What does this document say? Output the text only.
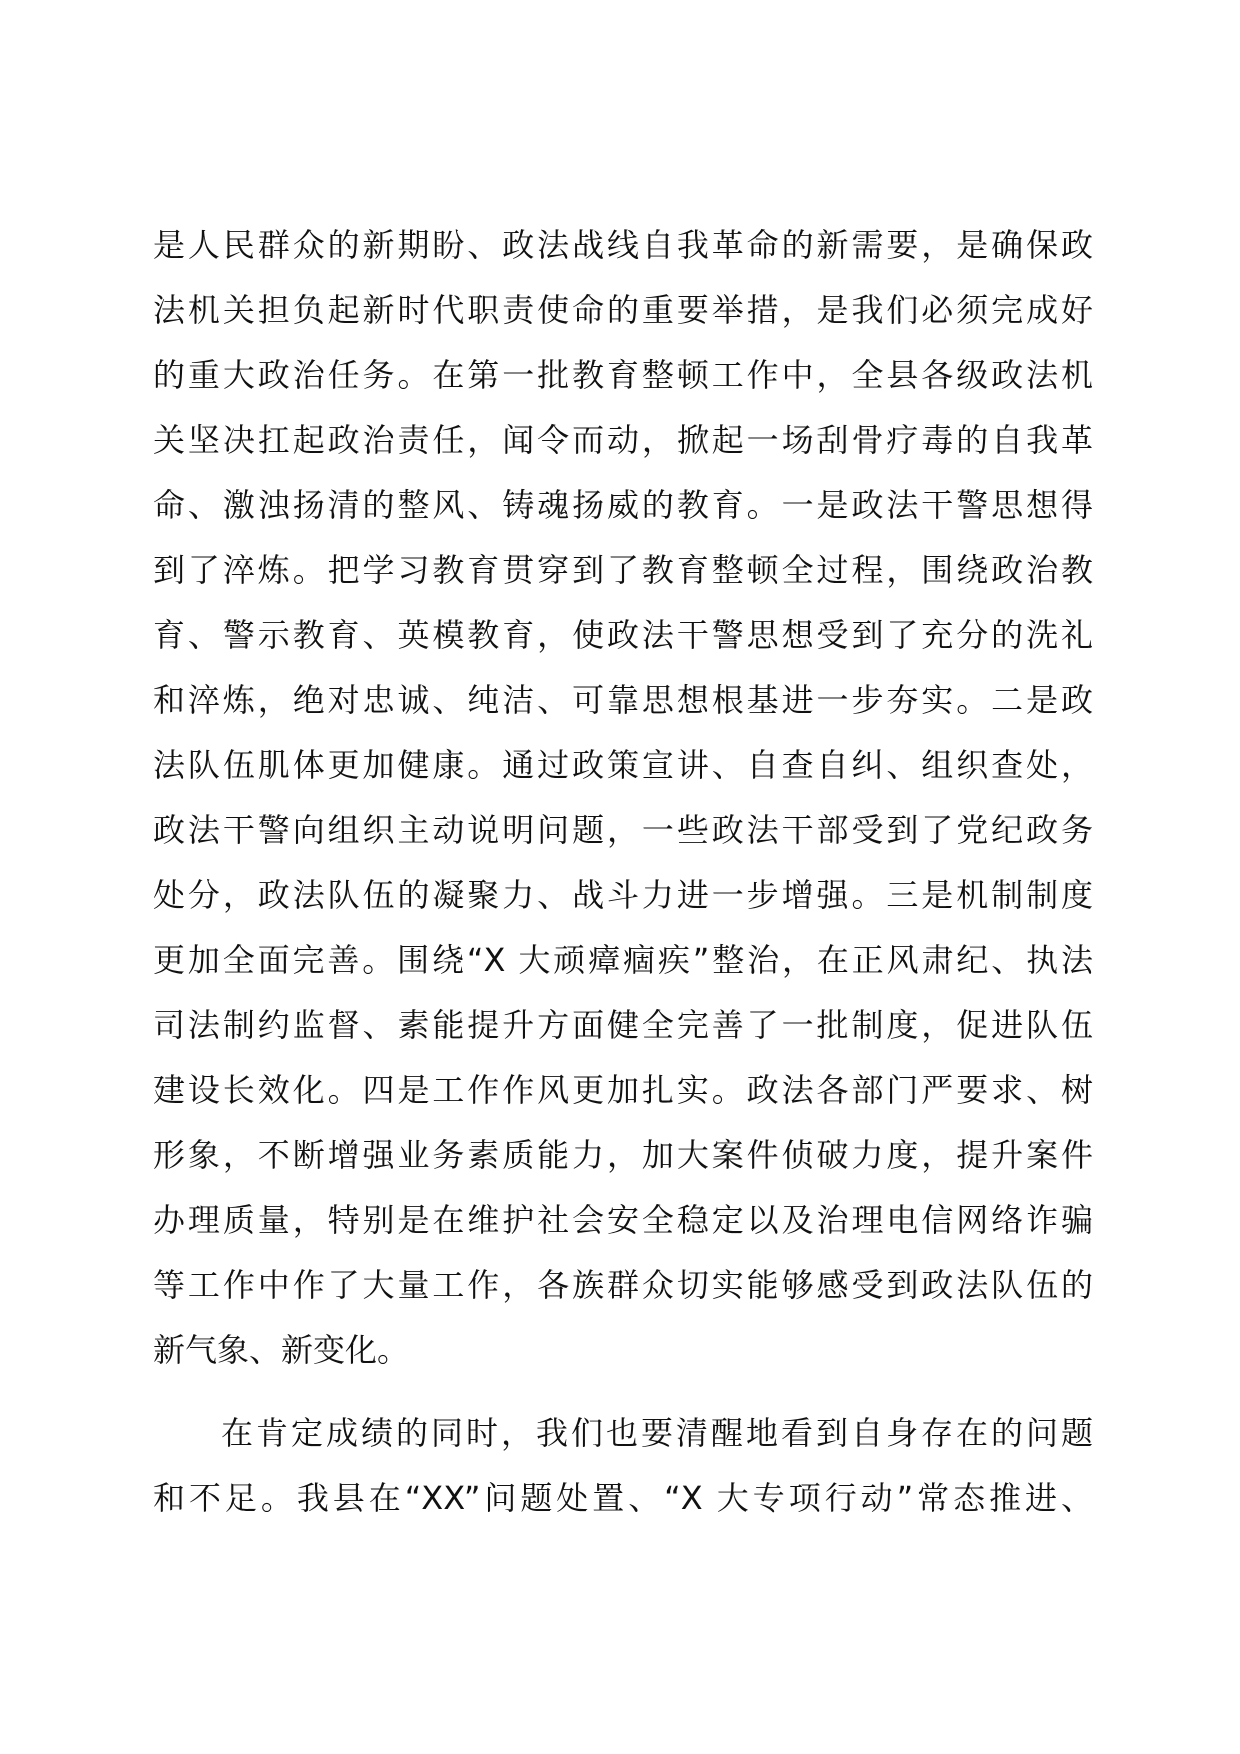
是人民群众的新期盼、政法战线自我革命的新需要，是确保政
法机关担负起新时代职责使命的重要举措，是我们必须完成好
的重大政治任务。在第一批教育整顿工作中，全县各级政法机
关坚决扛起政治责任，闻令而动，掀起一场刮骨疗毒的自我革
命、激浊扬清的整风、铸魂扬威的教育。一是政法干警思想得
到了淬炼。把学习教育贯穿到了教育整顿全过程，围绕政治教
育、警示教育、英模教育，使政法干警思想受到了充分的洗礼
和淬炼，绝对忠诚、纯洁、可靠思想根基进一步夯实。二是政
法队伍肌体更加健康。通过政策宣讲、自查自纠、组织查处，
政法干警向组织主动说明问题，一些政法干部受到了党纪政务
处分，政法队伍的凝聚力、战斗力进一步增强。三是机制制度
更加全面完善。围绕“X 大顽瘴痼疾”整治，在正风肃纪、执法
司法制约监督、素能提升方面健全完善了一批制度，促进队伍
建设长效化。四是工作作风更加扎实。政法各部门严要求、树
形象，不断增强业务素质能力，加大案件侦破力度，提升案件
办理质量，特别是在维护社会安全稳定以及治理电信网络诈骗
等工作中作了大量工作，各族群众切实能够感受到政法队伍的
新气象、新变化。
在肯定成绩的同时，我们也要清醒地看到自身存在的问题
和不足。我县在“XX”问题处置、“X 大专项行动”常态推进、
